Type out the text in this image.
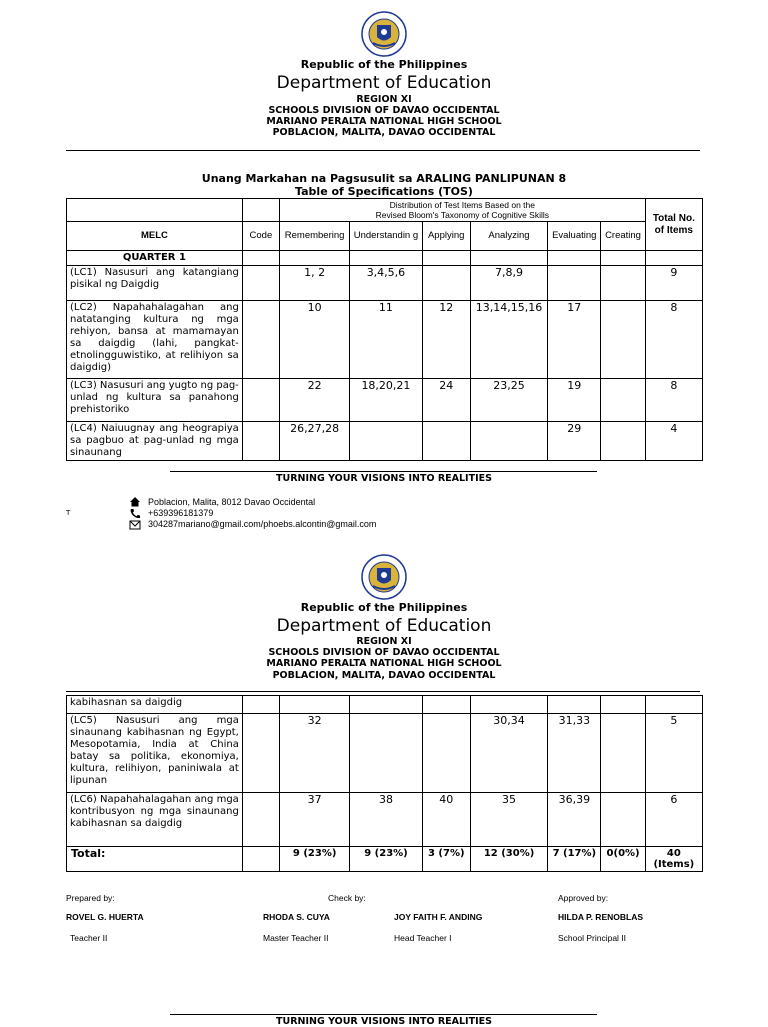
Republic of the Philippines
Department of Education
REGION XI
SCHOOLS DIVISION OF DAVAO OCCIDENTAL
MARIANO PERALTA NATIONAL HIGH SCHOOL
POBLACION, MALITA, DAVAO OCCIDENTAL
Unang Markahan na Pagsusulit sa ARALING PANLIPUNAN 8
Table of Specifications (TOS)

		Distribution of Test Items Based on the
Revised Bloom's Taxonomy of Cognitive Skills						Total No. of Items
MELC	Code	Remembering	Understandin g	Applying	Analyzing	Evaluating	Creating	
QUARTER 1								
(LC1) Nasusuri ang katangiang pisikal ng Daigdig		1, 2	3,4,5,6		7,8,9			9
(LC2) Napahahalagahan ang natatanging kultura ng mga rehiyon, bansa at mamamayan sa daigdig (lahi, pangkat-etnolingguwistiko, at relihiyon sa daigdig)		10	11	12	13,14,15,16	17		8
(LC3) Nasusuri ang yugto ng pag-unlad ng kultura sa panahong prehistoriko		22	18,20,21	24	23,25	19		8
(LC4) Naiuugnay ang heograpiya sa pagbuo at pag-unlad ng mga sinaunang		26,27,28				29		4
TURNING YOUR VISIONS INTO REALITIES
T
Poblacion, Malita, 8012 Davao Occidental
+639396181379
304287mariano@gmail.com/phoebs.alcontin@gmail.com
Republic of the Philippines
Department of Education
REGION XI
SCHOOLS DIVISION OF DAVAO OCCIDENTAL
MARIANO PERALTA NATIONAL HIGH SCHOOL
POBLACION, MALITA, DAVAO OCCIDENTAL
kabihasnan sa daigdig								
(LC5) Nasusuri ang mga sinaunang kabihasnan ng Egypt, Mesopotamia, India at China batay sa politika, ekonomiya, kultura, relihiyon, paniniwala at lipunan		32			30,34	31,33		5
(LC6) Napahahalagahan ang mga kontribusyon ng mga sinaunang kabihasnan sa daigdig		37	38	40	35	36,39		6
Total:		9 (23%)	9 (23%)	3 (7%)	12 (30%)	7 (17%)	0(0%)	40 (Items)
Prepared by:	Check by:	Approved by:
ROVEL G. HUERTA	RHODA S. CUYA	JOY FAITH F. ANDING	HILDA P. RENOBLAS
Teacher II	Master Teacher II	Head Teacher I	School Principal II
TURNING YOUR VISIONS INTO REALITIES
